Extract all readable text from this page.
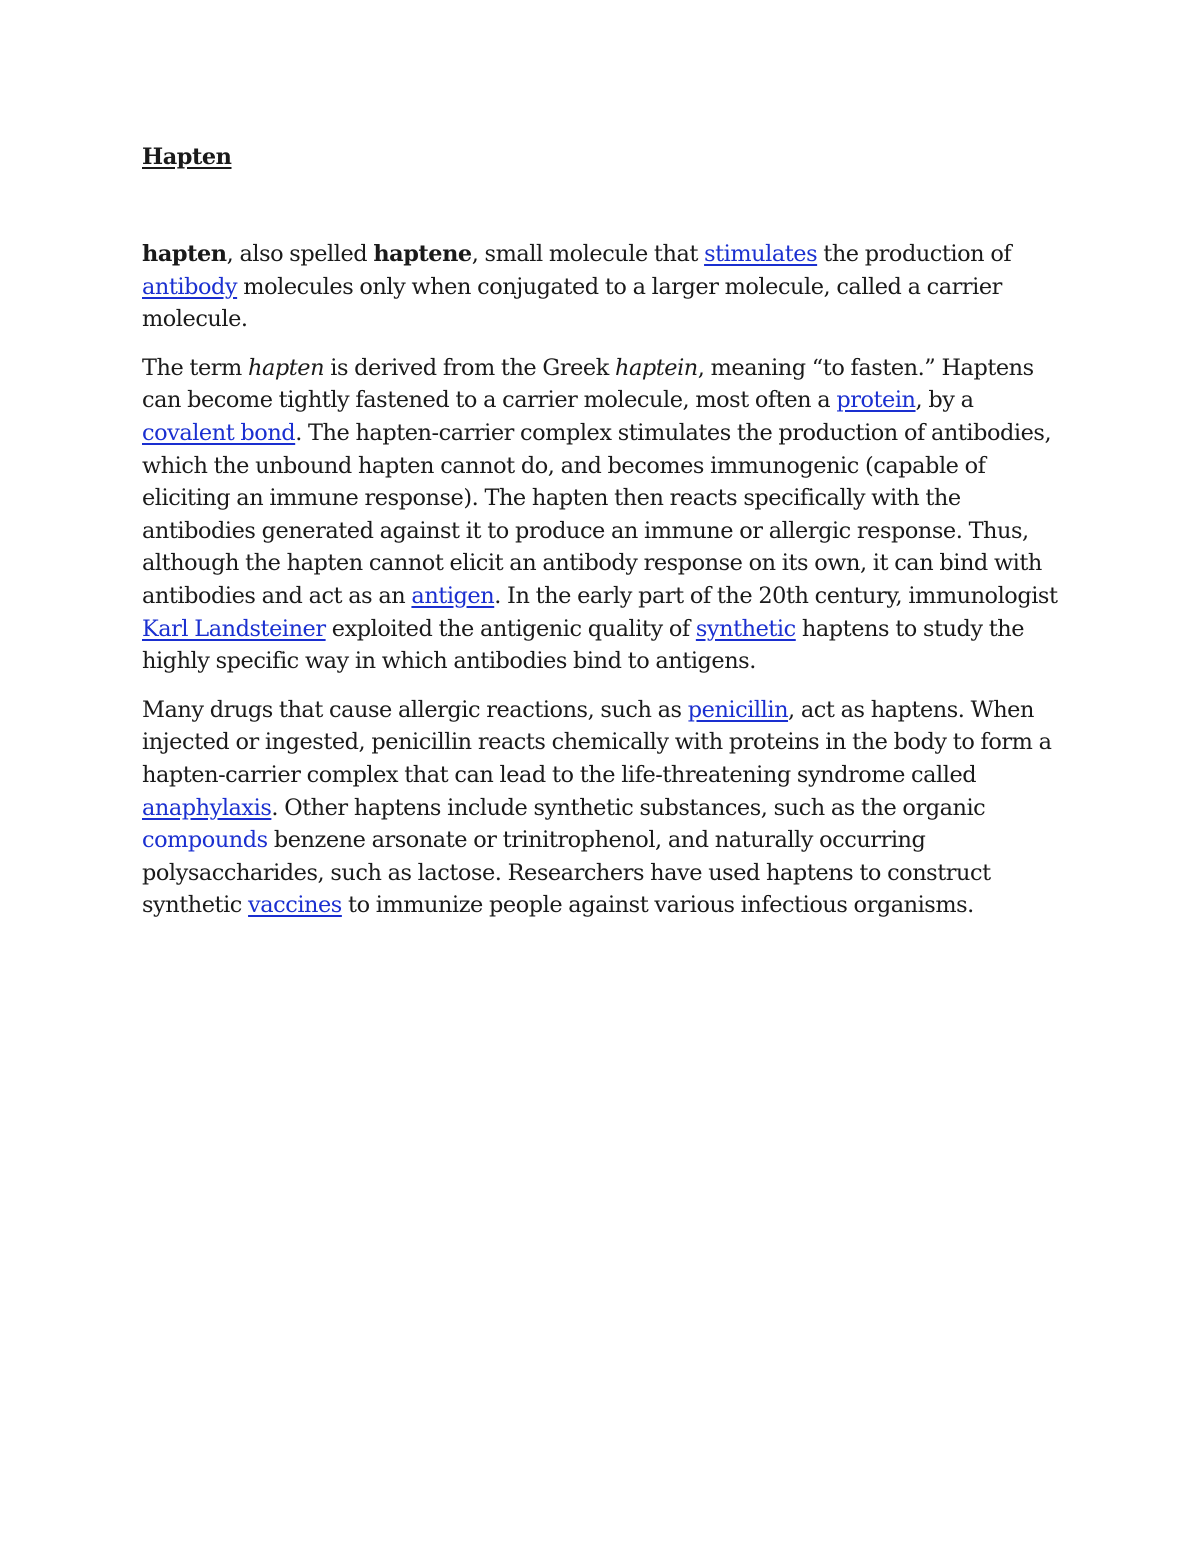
Hapten

hapten, also spelled haptene, small molecule that stimulates the production of antibody molecules only when conjugated to a larger molecule, called a carrier molecule.

The term hapten is derived from the Greek haptein, meaning “to fasten.” Haptens can become tightly fastened to a carrier molecule, most often a protein, by a covalent bond. The hapten-carrier complex stimulates the production of antibodies, which the unbound hapten cannot do, and becomes immunogenic (capable of eliciting an immune response). The hapten then reacts specifically with the antibodies generated against it to produce an immune or allergic response. Thus, although the hapten cannot elicit an antibody response on its own, it can bind with antibodies and act as an antigen. In the early part of the 20th century, immunologist Karl Landsteiner exploited the antigenic quality of synthetic haptens to study the highly specific way in which antibodies bind to antigens.

Many drugs that cause allergic reactions, such as penicillin, act as haptens. When injected or ingested, penicillin reacts chemically with proteins in the body to form a hapten-carrier complex that can lead to the life-threatening syndrome called anaphylaxis. Other haptens include synthetic substances, such as the organic compounds benzene arsonate or trinitrophenol, and naturally occurring polysaccharides, such as lactose. Researchers have used haptens to construct synthetic vaccines to immunize people against various infectious organisms.
